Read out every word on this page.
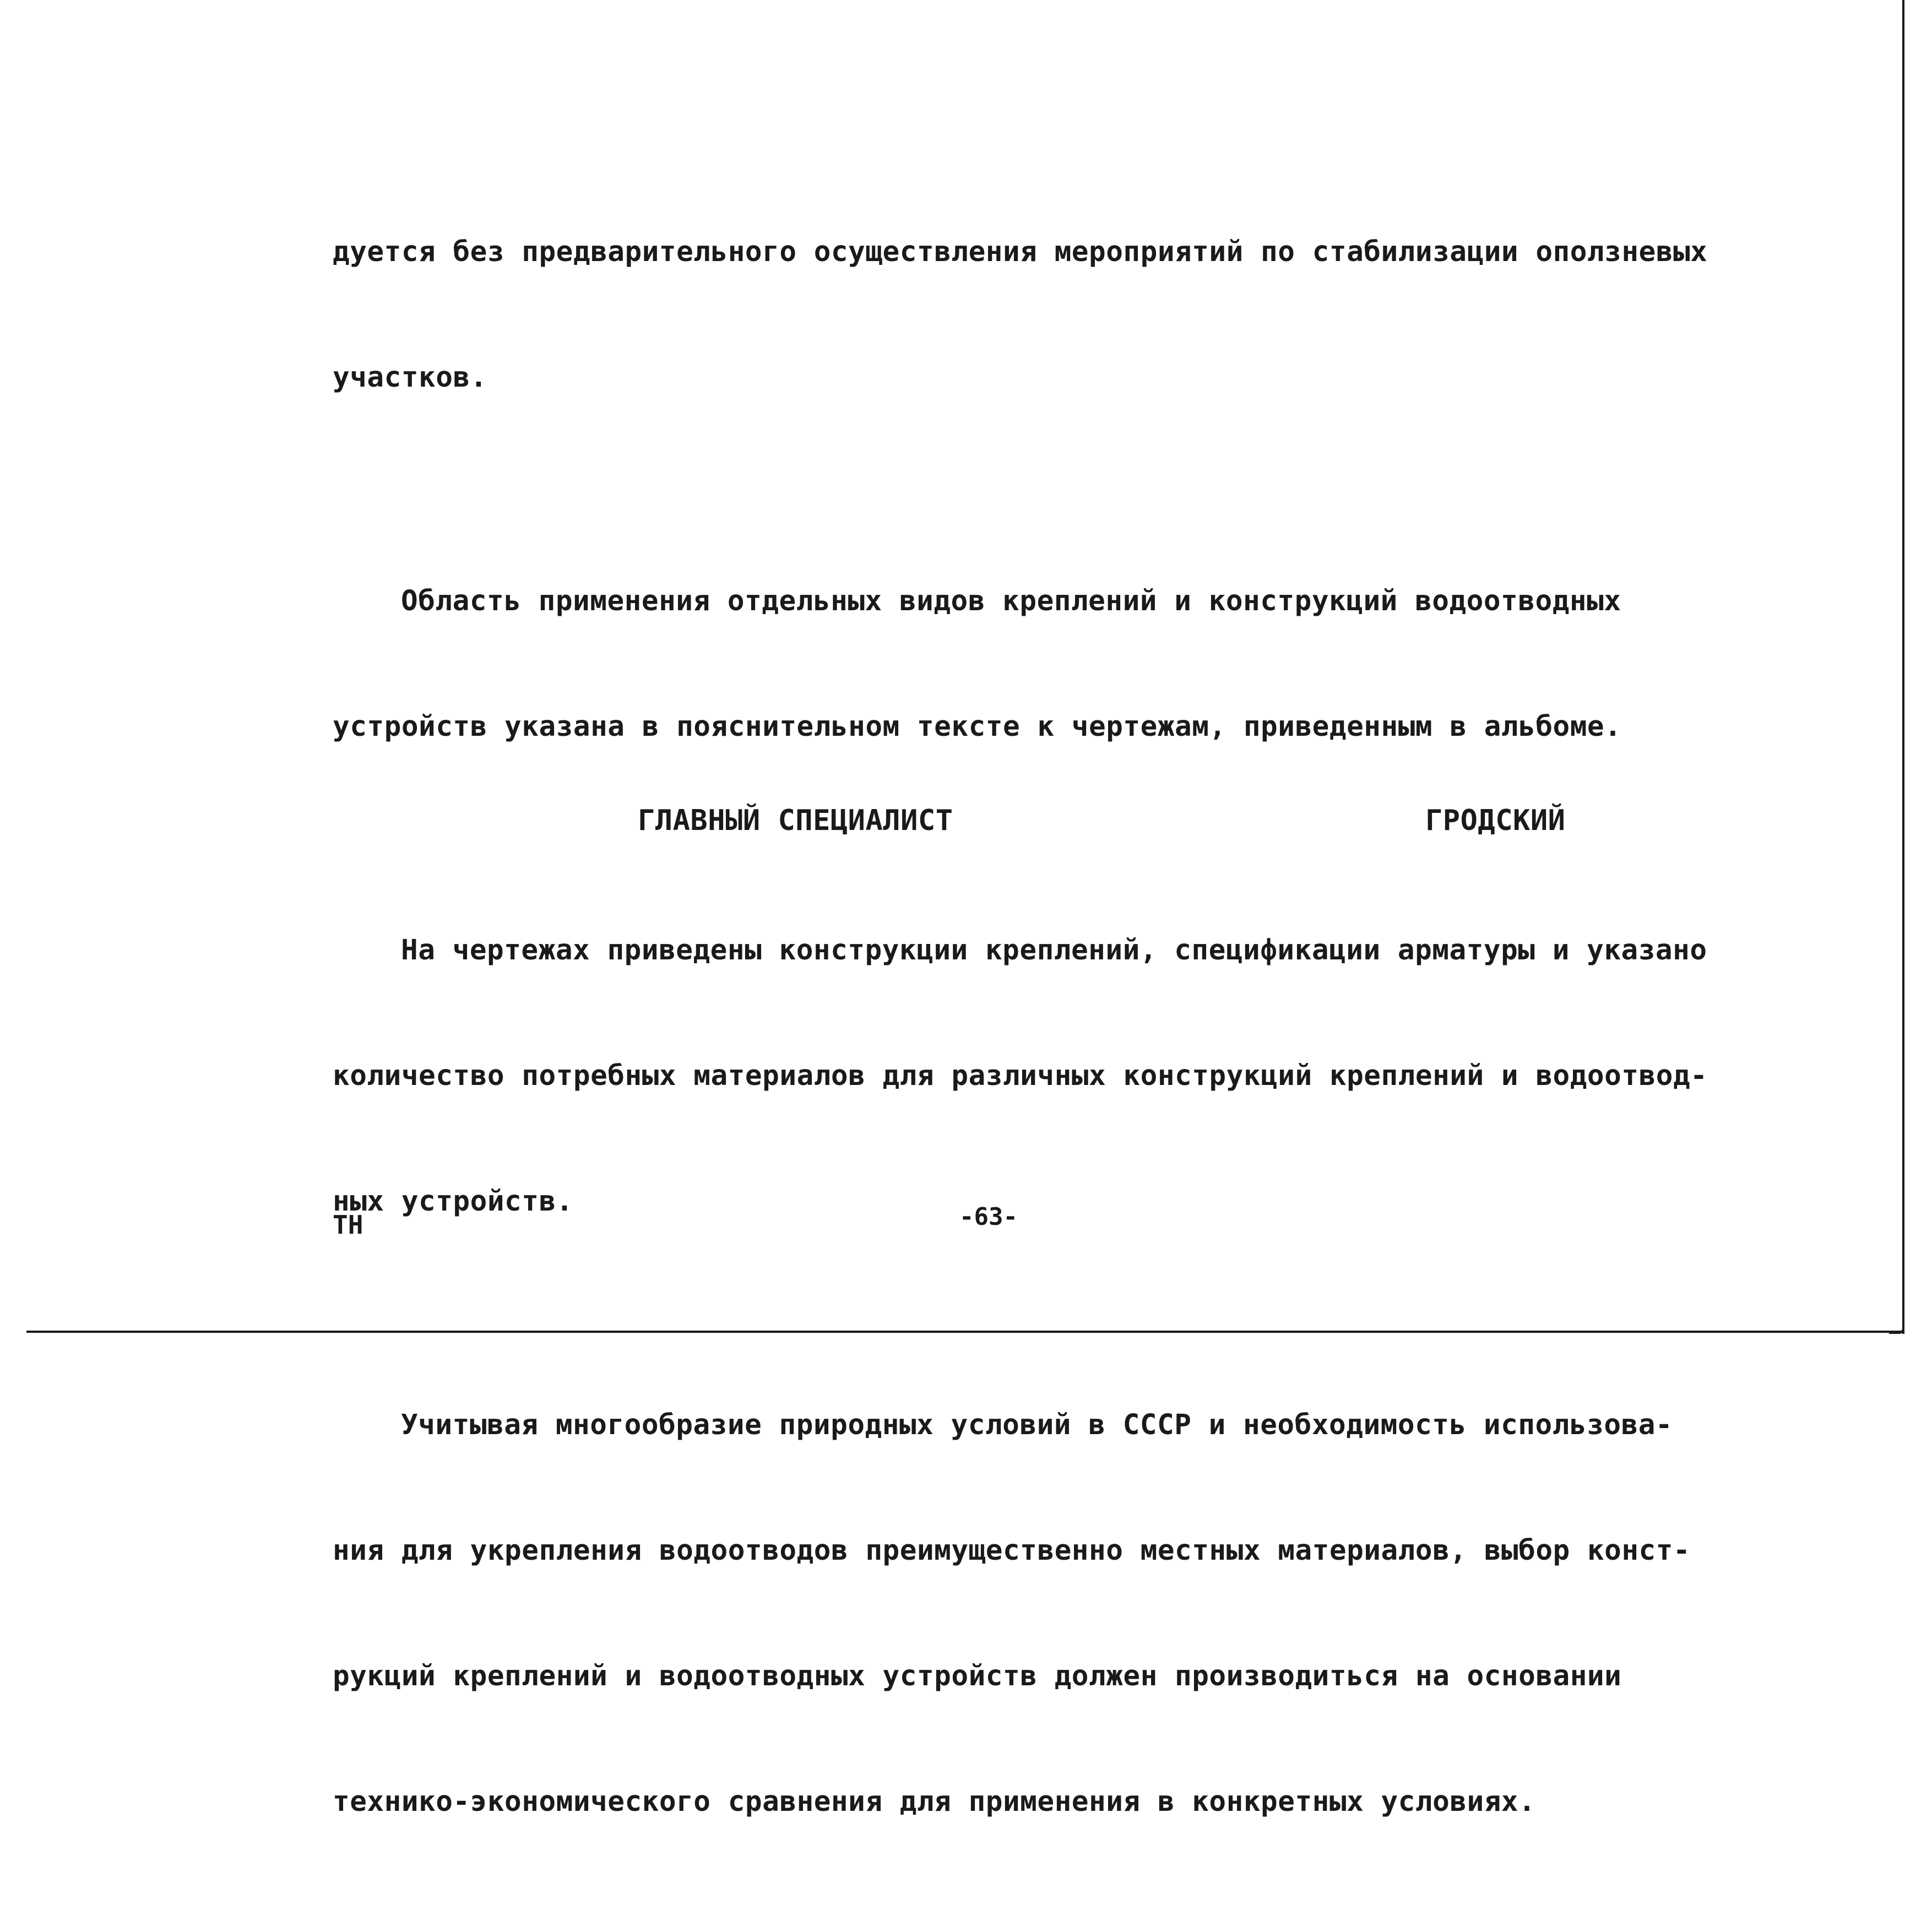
дуется без предварительного осуществления мероприятий по стабилизации оползневых

участков.

Область применения отдельных видов креплений и конструкций водоотводных

устройств указана в пояснительном тексте к чертежам, приведенным в альбоме.

На чертежах приведены конструкции креплений, спецификации арматуры и указано

количество потребных материалов для различных конструкций креплений и водоотвод-

ных устройств.

Учитывая многообразие природных условий в СССР и необходимость использова-

ния для укрепления водоотводов преимущественно местных материалов, выбор конст-

рукций креплений и водоотводных устройств должен производиться на основании

технико-экономического сравнения для применения в конкретных условиях.

ГЛАВНЫЙ СПЕЦИАЛИСТ	ГРОДСКИЙ
ТН	-63-
